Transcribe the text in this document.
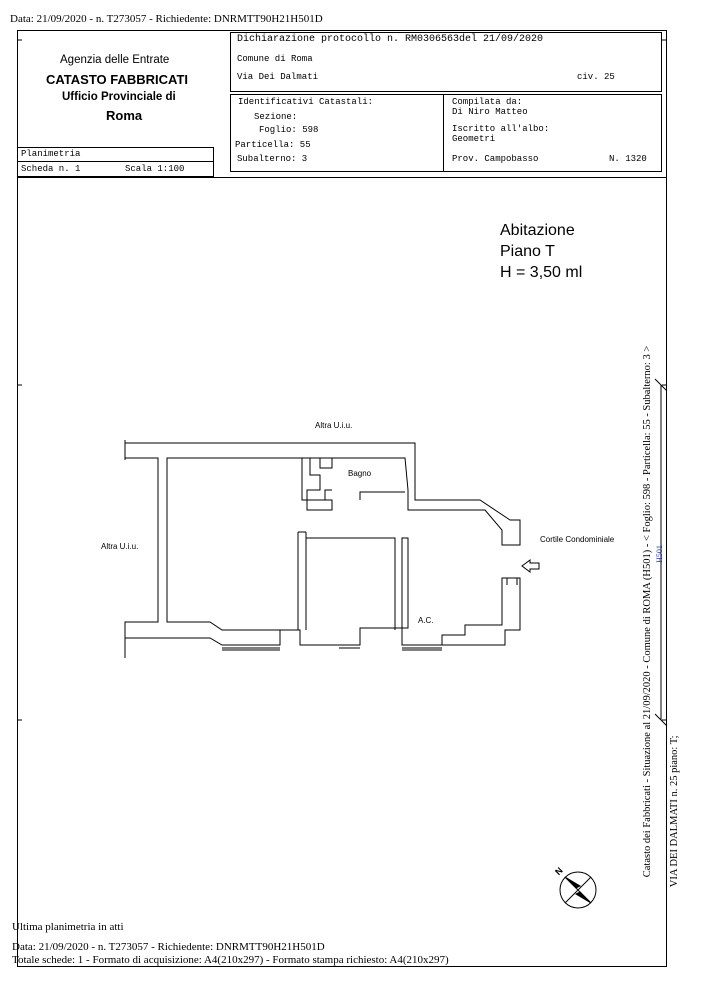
Data: 21/09/2020 - n. T273057 - Richiedente: DNRMTT90H21H501D
Agenzia delle Entrate
CATASTO FABBRICATI
Ufficio Provinciale di
Roma
Dichiarazione protocollo n. RM0306563del 21/09/2020
Comune di Roma
Via Dei Dalmati	civ. 25
Identificativi Catastali:
Sezione:
Foglio: 598
Particella: 55
Subalterno: 3
Compilata da:
Di Niro Matteo
Iscritto all'albo:
Geometri
Prov. Campobasso	N. 1320
Planimetria
Scheda n. 1	Scala 1:100
Abitazione
Piano T
H = 3,50 ml
Altra U.i.u.
Altra U.i.u.
Bagno
Cortile Condominiale
A.C.
N	Catasto dei Fabbricati - Situazione al 21/09/2020 - Comune di ROMA (H501) - < Foglio: 598 - Particella: 55 - Subalterno: 3 > VIA DEI DALMATI n. 25 piano: T;
H501
Ultima planimetria in atti
Data: 21/09/2020 - n. T273057 - Richiedente: DNRMTT90H21H501D
Totale schede: 1 - Formato di acquisizione: A4(210x297) - Formato stampa richiesto: A4(210x297)
